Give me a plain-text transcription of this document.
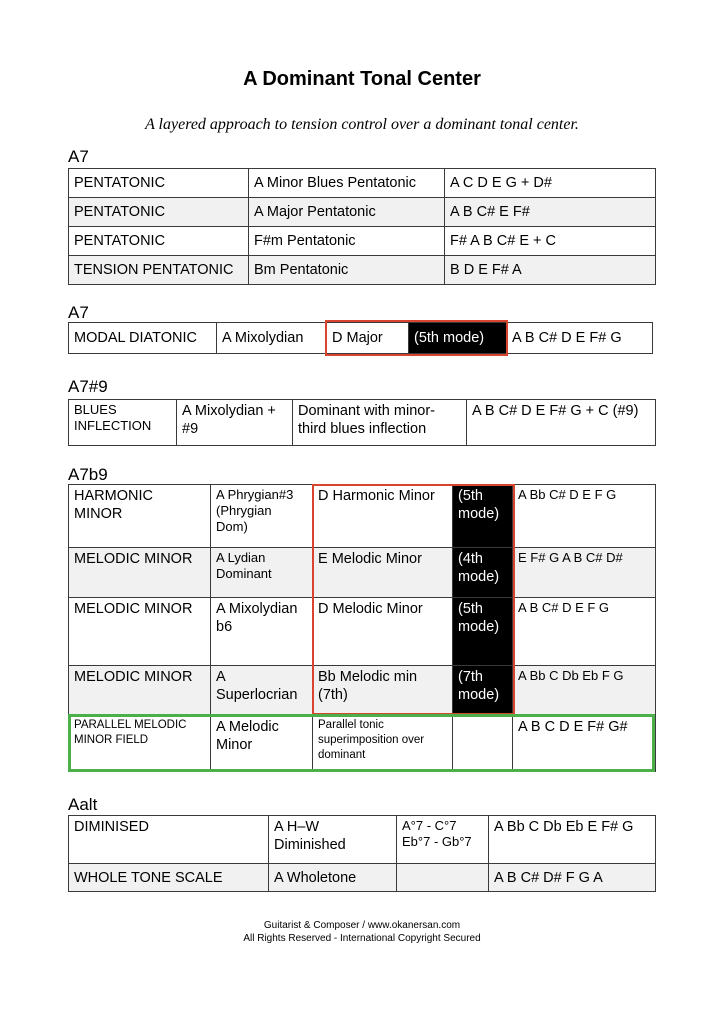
A Dominant Tonal Center
A layered approach to tension control over a dominant tonal center.
A7
PENTATONIC	A Minor Blues Pentatonic	A C D E G + D#
PENTATONIC	A Major Pentatonic	A B C# E F#
PENTATONIC	F#m Pentatonic	F# A B C# E + C
TENSION PENTATONIC	Bm Pentatonic	B D E F# A
A7
MODAL DIATONIC	A Mixolydian	D Major	(5th mode)	A B C# D E F# G
A7#9
BLUES INFLECTION	A Mixolydian + #9	Dominant with minor-third blues inflection	A B C# D E F# G + C (#9)
A7b9
HARMONIC MINOR	A Phrygian#3 (Phrygian Dom)	D Harmonic Minor	(5th mode)	A Bb C# D E F G
MELODIC MINOR	A Lydian Dominant	E Melodic Minor	(4th mode)	E F# G A B C# D#
MELODIC MINOR	A Mixolydian b6	D Melodic Minor	(5th mode)	A B C# D E F G
MELODIC MINOR	A Superlocrian	Bb Melodic min (7th)	(7th mode)	A Bb C Db Eb F G
PARALLEL MELODIC MINOR FIELD	A Melodic Minor	Parallel tonic superimposition over dominant		A B C D E F# G#
Aalt
DIMINISED	A H–W Diminished	A°7 - C°7 Eb°7 - Gb°7	A Bb C Db Eb E F# G
WHOLE TONE SCALE	A Wholetone		A B C# D# F G A
Guitarist & Composer / www.okanersan.com
All Rights Reserved - International Copyright Secured
